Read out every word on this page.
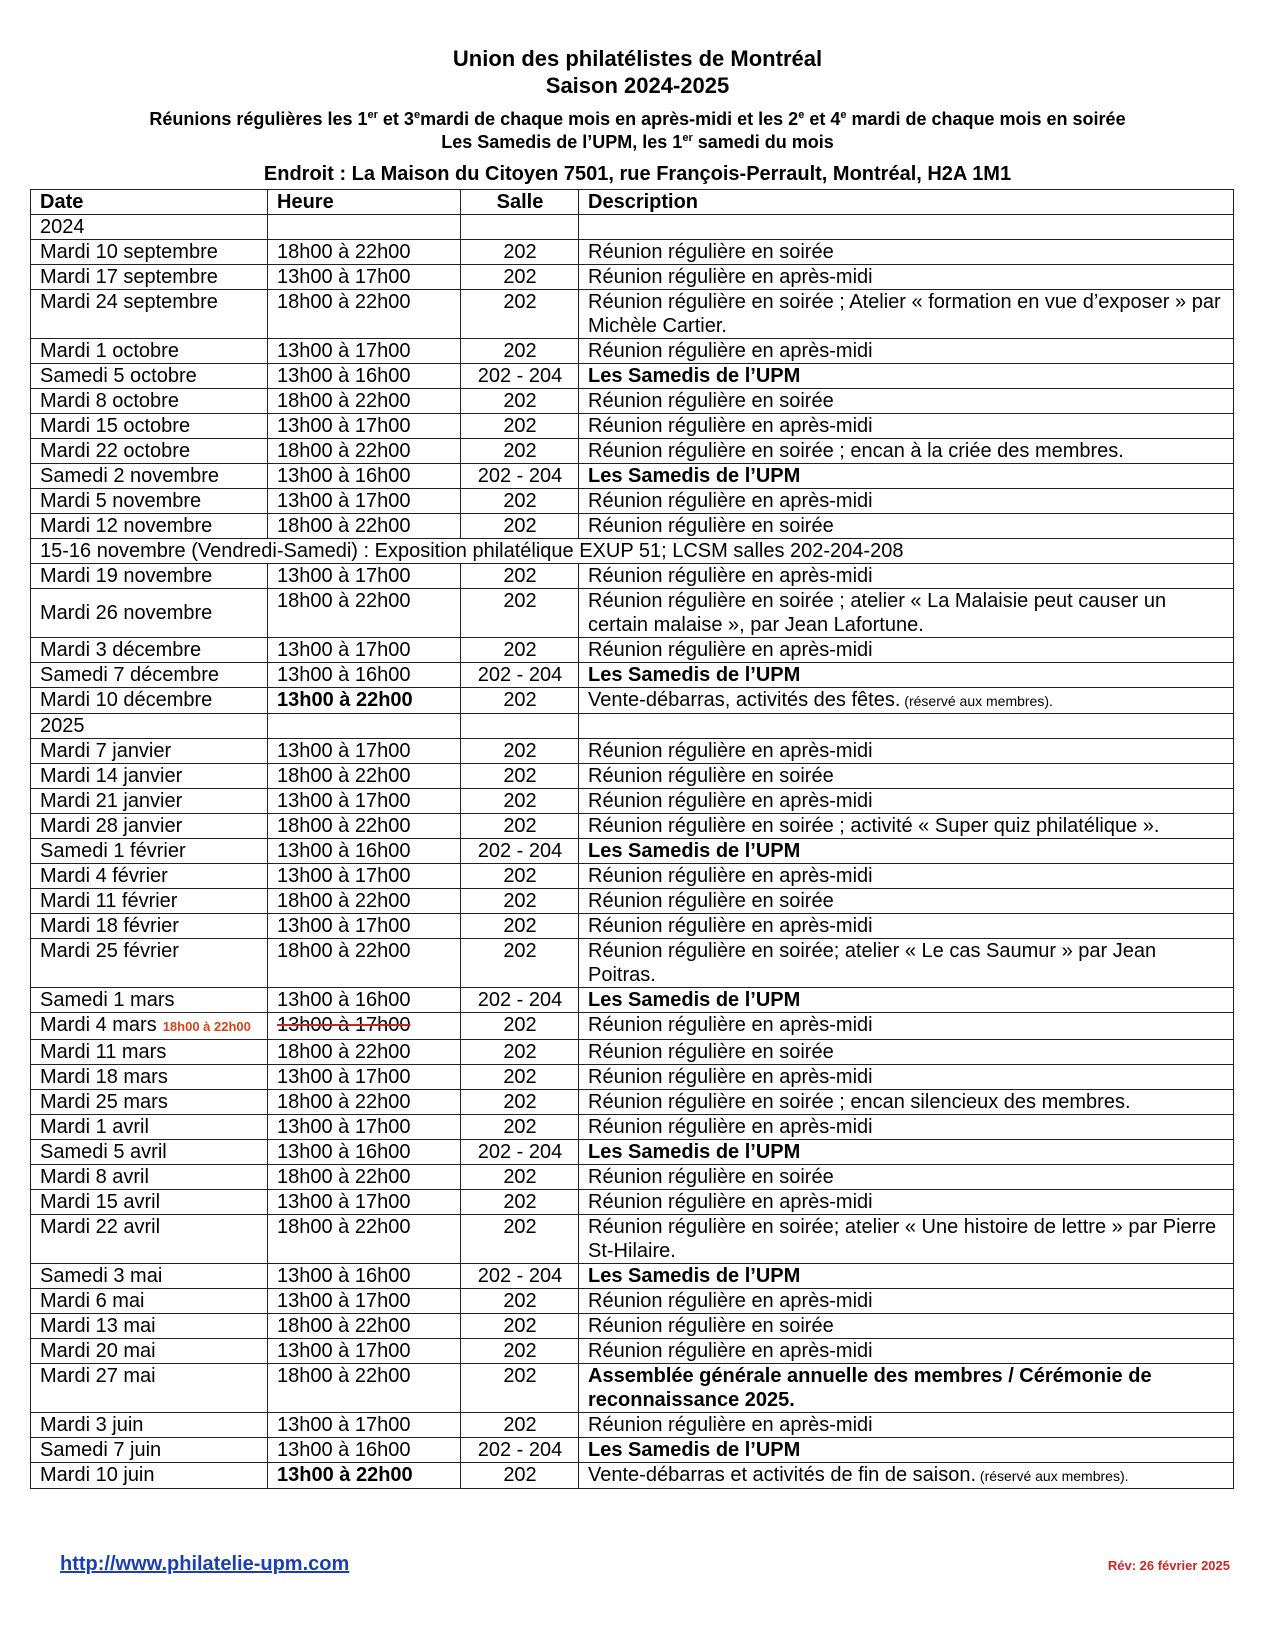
Union des philatélistes de Montréal
Saison 2024-2025
Réunions régulières les 1er et 3emardi de chaque mois en après-midi et les 2e et 4e mardi de chaque mois en soirée
Les Samedis de l’UPM, les 1er samedi du mois
Endroit : La Maison du Citoyen 7501, rue François-Perrault, Montréal, H2A 1M1
Date	Heure	Salle	Description
2024			
Mardi 10 septembre	18h00 à 22h00	202	Réunion régulière en soirée
Mardi 17 septembre	13h00 à 17h00	202	Réunion régulière en après-midi
Mardi 24 septembre	18h00 à 22h00	202	Réunion régulière en soirée ; Atelier « formation en vue d’exposer » par Michèle Cartier.
Mardi 1 octobre	13h00 à 17h00	202	Réunion régulière en après-midi
Samedi 5 octobre	13h00 à 16h00	202 - 204	Les Samedis de l’UPM
Mardi 8 octobre	18h00 à 22h00	202	Réunion régulière en soirée
Mardi 15 octobre	13h00 à 17h00	202	Réunion régulière en après-midi
Mardi 22 octobre	18h00 à 22h00	202	Réunion régulière en soirée ; encan à la criée des membres.
Samedi 2 novembre	13h00 à 16h00	202 - 204	Les Samedis de l’UPM
Mardi 5 novembre	13h00 à 17h00	202	Réunion régulière en après-midi
Mardi 12 novembre	18h00 à 22h00	202	Réunion régulière en soirée
15-16 novembre (Vendredi-Samedi) : Exposition philatélique EXUP 51; LCSM salles 202-204-208			
Mardi 19 novembre	13h00 à 17h00	202	Réunion régulière en après-midi
Mardi 26 novembre	18h00 à 22h00	202	Réunion régulière en soirée ; atelier « La Malaisie peut causer un certain malaise », par Jean Lafortune.
Mardi 3 décembre	13h00 à 17h00	202	Réunion régulière en après-midi
Samedi 7 décembre	13h00 à 16h00	202 - 204	Les Samedis de l’UPM
Mardi 10 décembre	13h00 à 22h00	202	Vente-débarras, activités des fêtes. (réservé aux membres).
2025			
Mardi 7 janvier	13h00 à 17h00	202	Réunion régulière en après-midi
Mardi 14 janvier	18h00 à 22h00	202	Réunion régulière en soirée
Mardi 21 janvier	13h00 à 17h00	202	Réunion régulière en après-midi
Mardi 28 janvier	18h00 à 22h00	202	Réunion régulière en soirée ; activité « Super quiz philatélique ».
Samedi 1 février	13h00 à 16h00	202 - 204	Les Samedis de l’UPM
Mardi 4 février	13h00 à 17h00	202	Réunion régulière en après-midi
Mardi 11 février	18h00 à 22h00	202	Réunion régulière en soirée
Mardi 18 février	13h00 à 17h00	202	Réunion régulière en après-midi
Mardi 25 février	18h00 à 22h00	202	Réunion régulière en soirée; atelier « Le cas Saumur » par Jean Poitras.
Samedi 1 mars	13h00 à 16h00	202 - 204	Les Samedis de l’UPM
Mardi 4 mars 18h00 à 22h00	13h00 à 17h00	202	Réunion régulière en après-midi
Mardi 11 mars	18h00 à 22h00	202	Réunion régulière en soirée
Mardi 18 mars	13h00 à 17h00	202	Réunion régulière en après-midi
Mardi 25 mars	18h00 à 22h00	202	Réunion régulière en soirée ; encan silencieux des membres.
Mardi 1 avril	13h00 à 17h00	202	Réunion régulière en après-midi
Samedi 5 avril	13h00 à 16h00	202 - 204	Les Samedis de l’UPM
Mardi 8 avril	18h00 à 22h00	202	Réunion régulière en soirée
Mardi 15 avril	13h00 à 17h00	202	Réunion régulière en après-midi
Mardi 22 avril	18h00 à 22h00	202	Réunion régulière en soirée; atelier « Une histoire de lettre » par Pierre St-Hilaire.
Samedi 3 mai	13h00 à 16h00	202 - 204	Les Samedis de l’UPM
Mardi 6 mai	13h00 à 17h00	202	Réunion régulière en après-midi
Mardi 13 mai	18h00 à 22h00	202	Réunion régulière en soirée
Mardi 20 mai	13h00 à 17h00	202	Réunion régulière en après-midi
Mardi 27 mai	18h00 à 22h00	202	Assemblée générale annuelle des membres / Cérémonie de reconnaissance 2025.
Mardi 3 juin	13h00 à 17h00	202	Réunion régulière en après-midi
Samedi 7 juin	13h00 à 16h00	202 - 204	Les Samedis de l’UPM
Mardi 10 juin	13h00 à 22h00	202	Vente-débarras et activités de fin de saison. (réservé aux membres).
http://www.philatelie-upm.com	Rév: 26 février 2025
